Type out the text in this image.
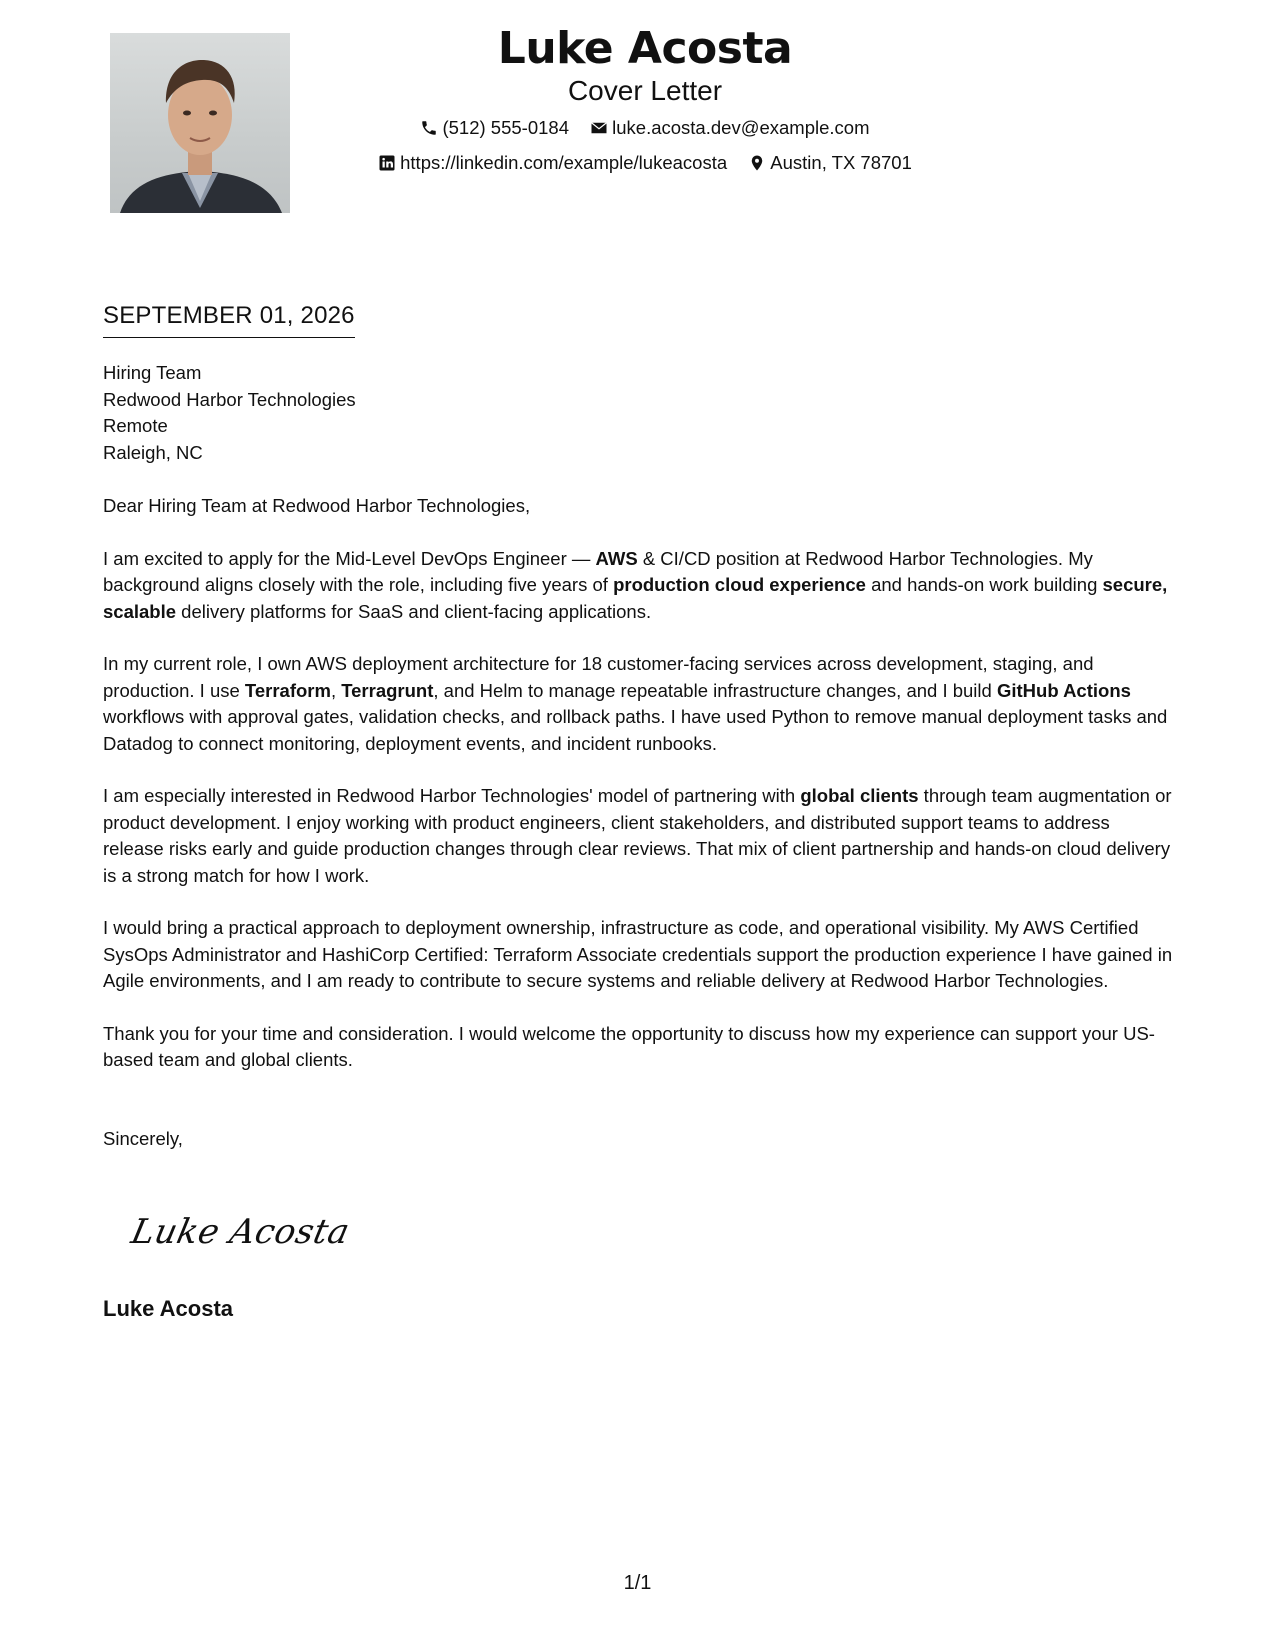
Luke Acosta
Cover Letter
(512) 555-0184
luke.acosta.dev@example.com
https://linkedin.com/example/lukeacosta
Austin, TX 78701
SEPTEMBER 01, 2026
Hiring Team
Redwood Harbor Technologies
Remote
Raleigh, NC
Dear Hiring Team at Redwood Harbor Technologies,
I am excited to apply for the Mid-Level DevOps Engineer — AWS & CI/CD position at Redwood Harbor Technologies. My background aligns closely with the role, including five years of production cloud experience and hands-on work building secure, scalable delivery platforms for SaaS and client-facing applications.
In my current role, I own AWS deployment architecture for 18 customer-facing services across development, staging, and production. I use Terraform, Terragrunt, and Helm to manage repeatable infrastructure changes, and I build GitHub Actions workflows with approval gates, validation checks, and rollback paths. I have used Python to remove manual deployment tasks and Datadog to connect monitoring, deployment events, and incident runbooks.
I am especially interested in Redwood Harbor Technologies' model of partnering with global clients through team augmentation or product development. I enjoy working with product engineers, client stakeholders, and distributed support teams to address release risks early and guide production changes through clear reviews. That mix of client partnership and hands-on cloud delivery is a strong match for how I work.
I would bring a practical approach to deployment ownership, infrastructure as code, and operational visibility. My AWS Certified SysOps Administrator and HashiCorp Certified: Terraform Associate credentials support the production experience I have gained in Agile environments, and I am ready to contribute to secure systems and reliable delivery at Redwood Harbor Technologies.
Thank you for your time and consideration. I would welcome the opportunity to discuss how my experience can support your US-based team and global clients.
Sincerely,
Luke Acosta
Luke Acosta
1/1
